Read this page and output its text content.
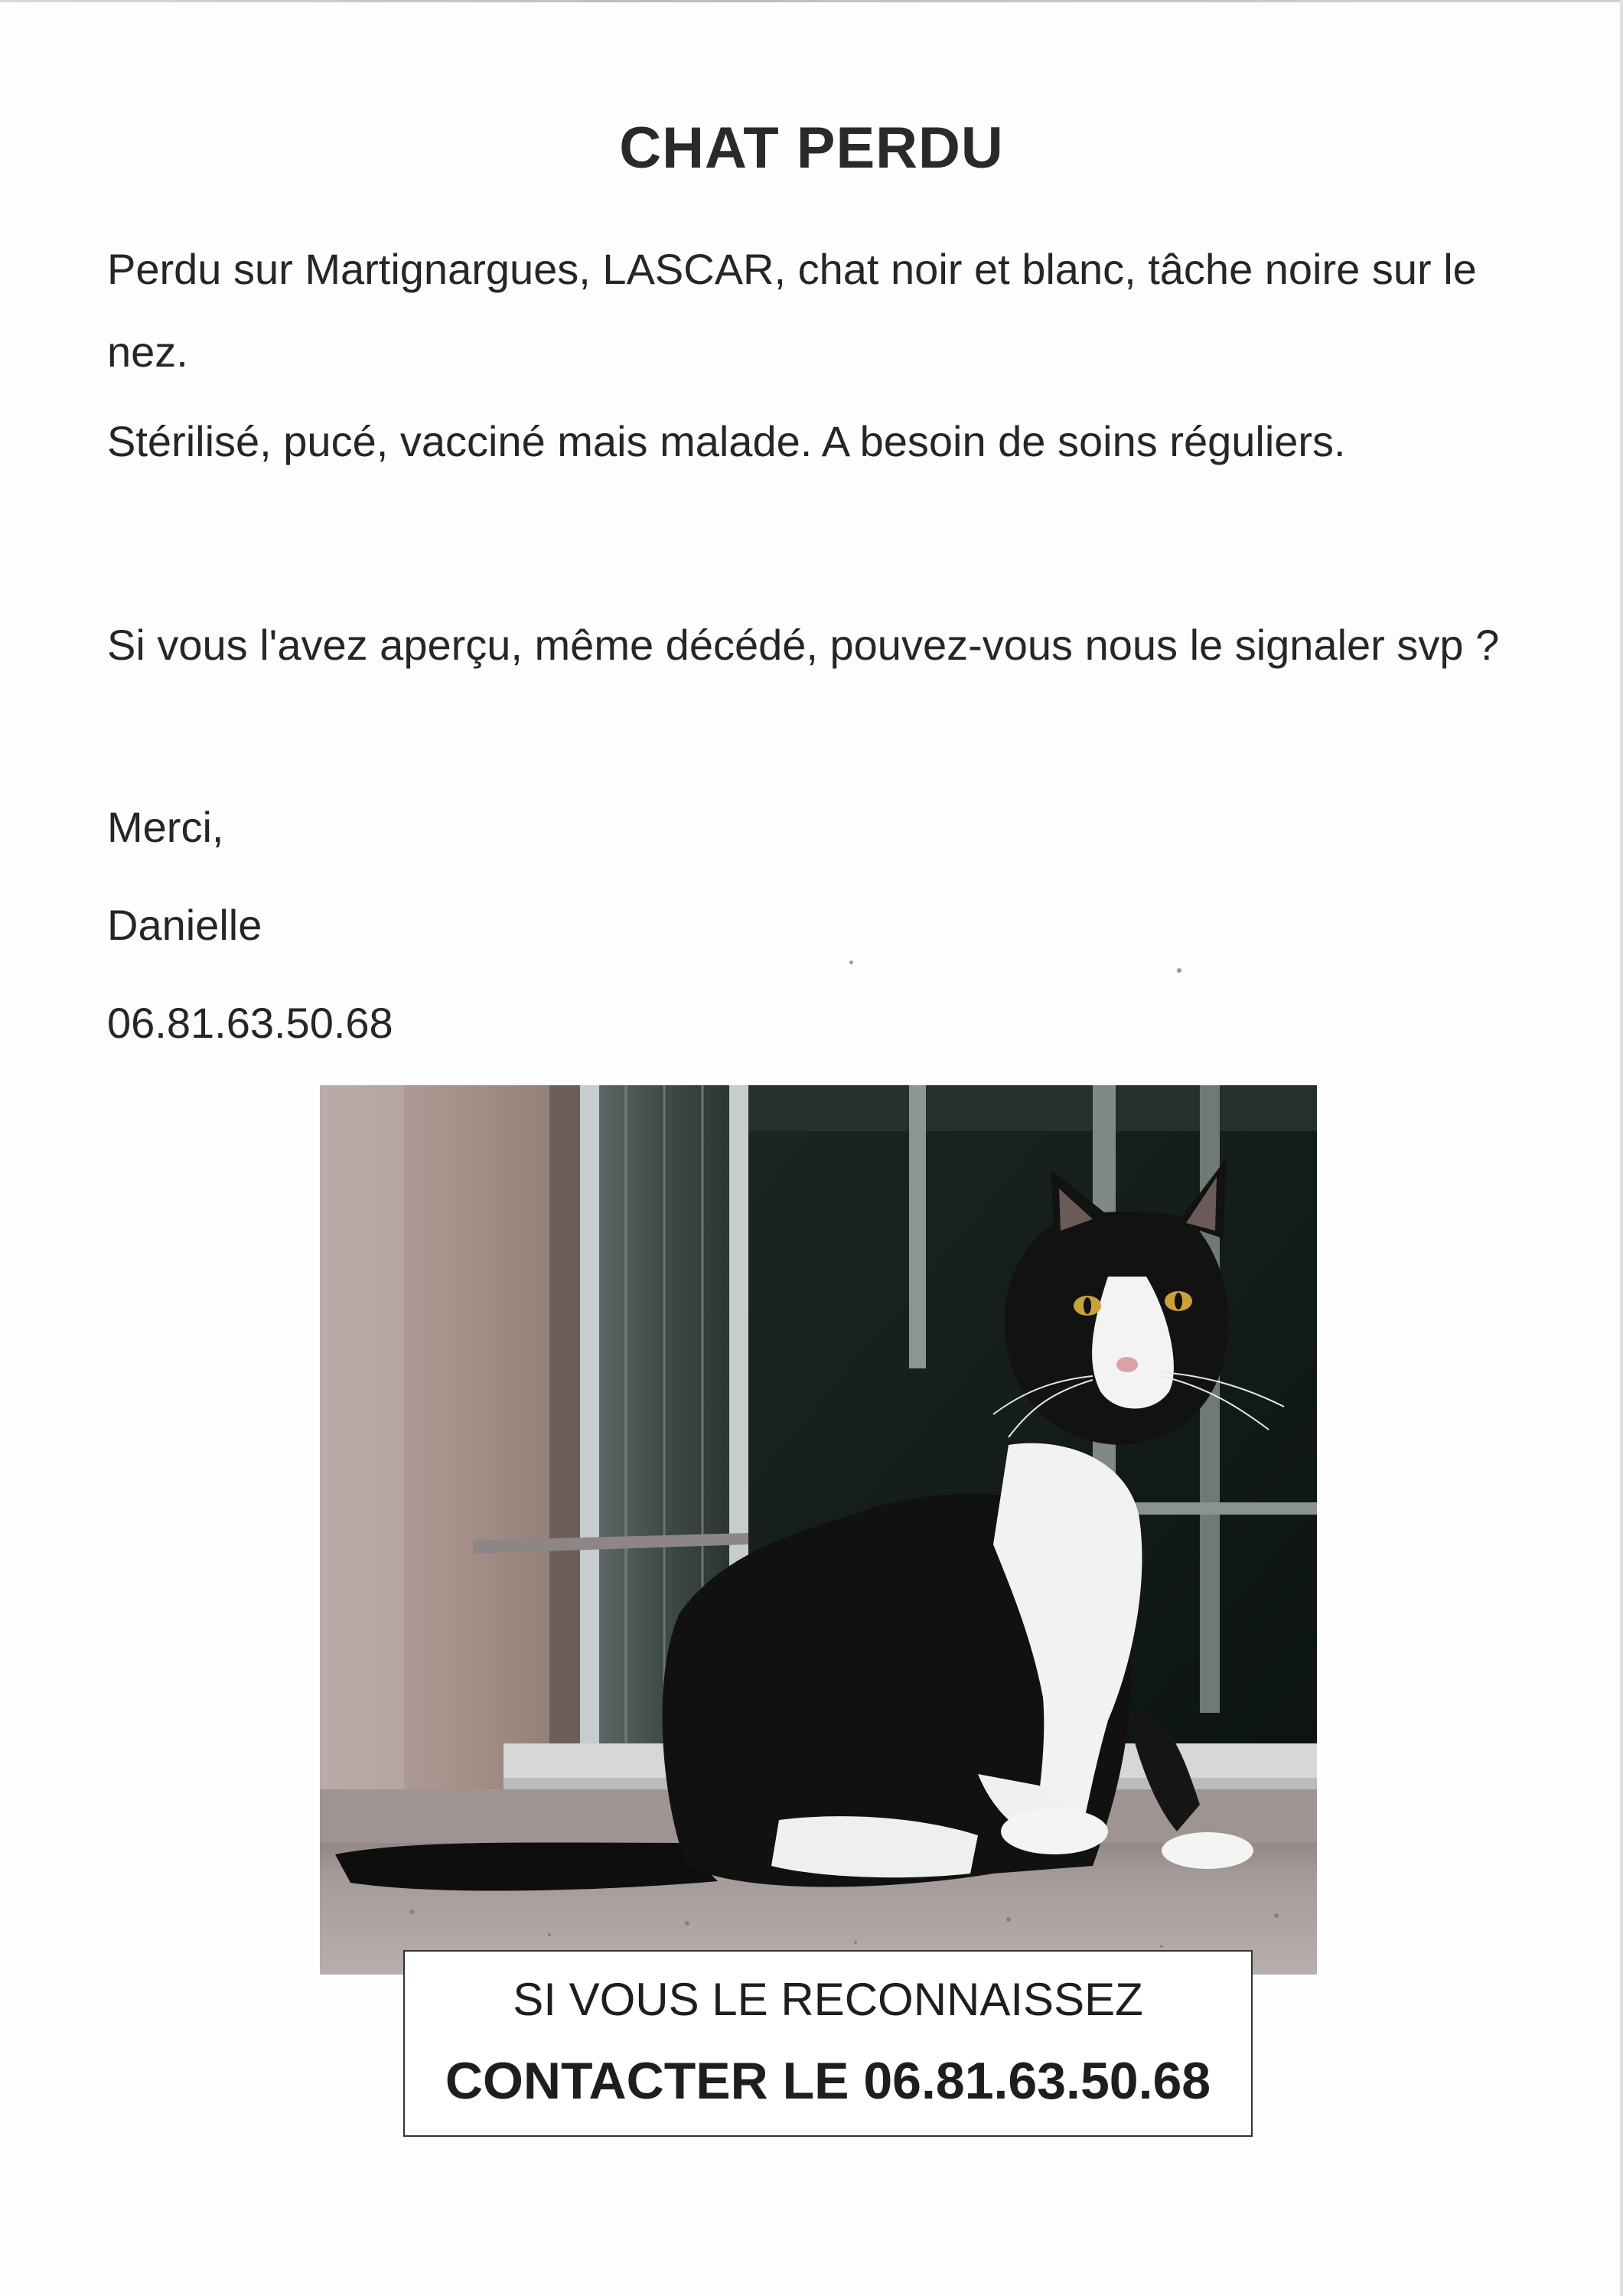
CHAT PERDU
Perdu sur Martignargues, LASCAR, chat noir et blanc, tâche noire sur le nez.
Stérilisé, pucé, vacciné mais malade. A besoin de soins réguliers.
Si vous l'avez aperçu, même décédé, pouvez-vous nous le signaler svp ?
Merci,
Danielle
06.81.63.50.68
SI VOUS LE RECONNAISSEZ
CONTACTER LE 06.81.63.50.68
